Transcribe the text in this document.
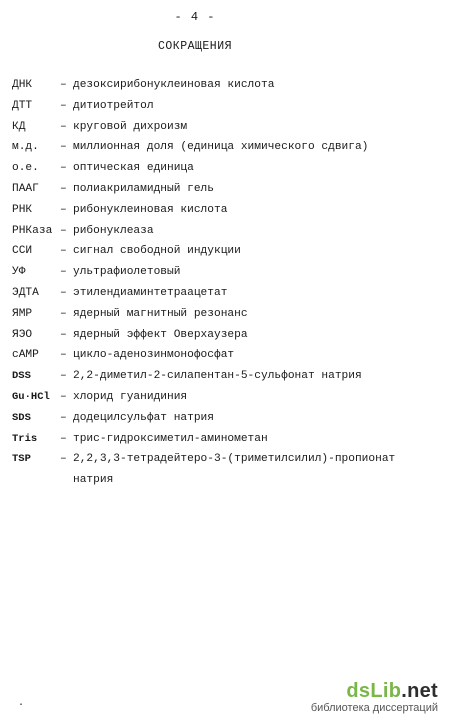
- 4 -
СОКРАЩЕНИЯ
ДНК	– дезоксирибонуклеиновая кислота
ДТТ	– дитиотрейтол
КД	– круговой дихроизм
м.д.	– миллионная доля (единица химического сдвига)
о.е.	– оптическая единица
ПААГ	– полиакриламидный гель
РНК	– рибонуклеиновая кислота
РНКаза – рибонуклеаза
ССИ	– сигнал свободной индукции
УФ	– ультрафиолетовый
ЭДТА	– этилендиаминтетраацетат
ЯМР	– ядерный магнитный резонанс
ЯЭО	– ядерный эффект Оверхаузера
сАМР	– цикло-аденозинмонофосфат
DSS	– 2,2-диметил-2-силапентан-5-сульфонат натрия
Gu·HCl – хлорид гуанидиния
SDS	– додецилсульфат натрия
Tris	– трис-гидроксиметил-аминометан
TSP	– 2,2,3,3-тетрадейтеро-3-(триметилсилил)-пропионат
натрия
.
dsLib.net
библиотека диссертаций
